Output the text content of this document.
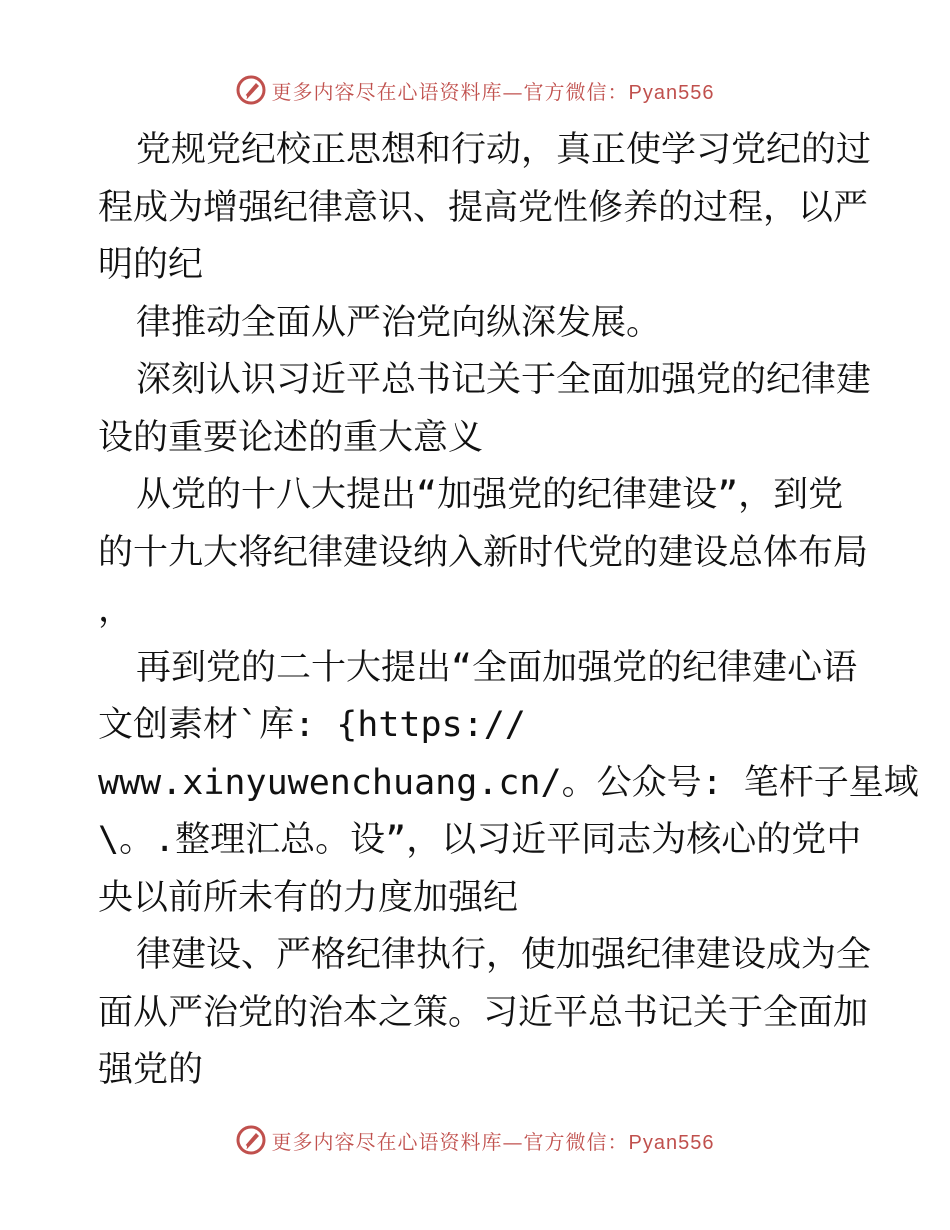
更多内容尽在心语资料库—官方微信：Pyan556
党规党纪校正思想和行动，真正使学习党纪的过
程成为增强纪律意识、提高党性修养的过程，以严
明的纪
律推动全面从严治党向纵深发展。
深刻认识习近平总书记关于全面加强党的纪律建
设的重要论述的重大意义
从党的十八大提出“加强党的纪律建设”，到党
的十九大将纪律建设纳入新时代党的建设总体布局
，
再到党的二十大提出“全面加强党的纪律建心语
文创素材`库: {https://
www.xinyuwenchuang.cn/。公众号: 笔杆子星域
\。.整理汇总。设”，以习近平同志为核心的党中
央以前所未有的力度加强纪
律建设、严格纪律执行，使加强纪律建设成为全
面从严治党的治本之策。习近平总书记关于全面加
强党的
更多内容尽在心语资料库—官方微信：Pyan556
